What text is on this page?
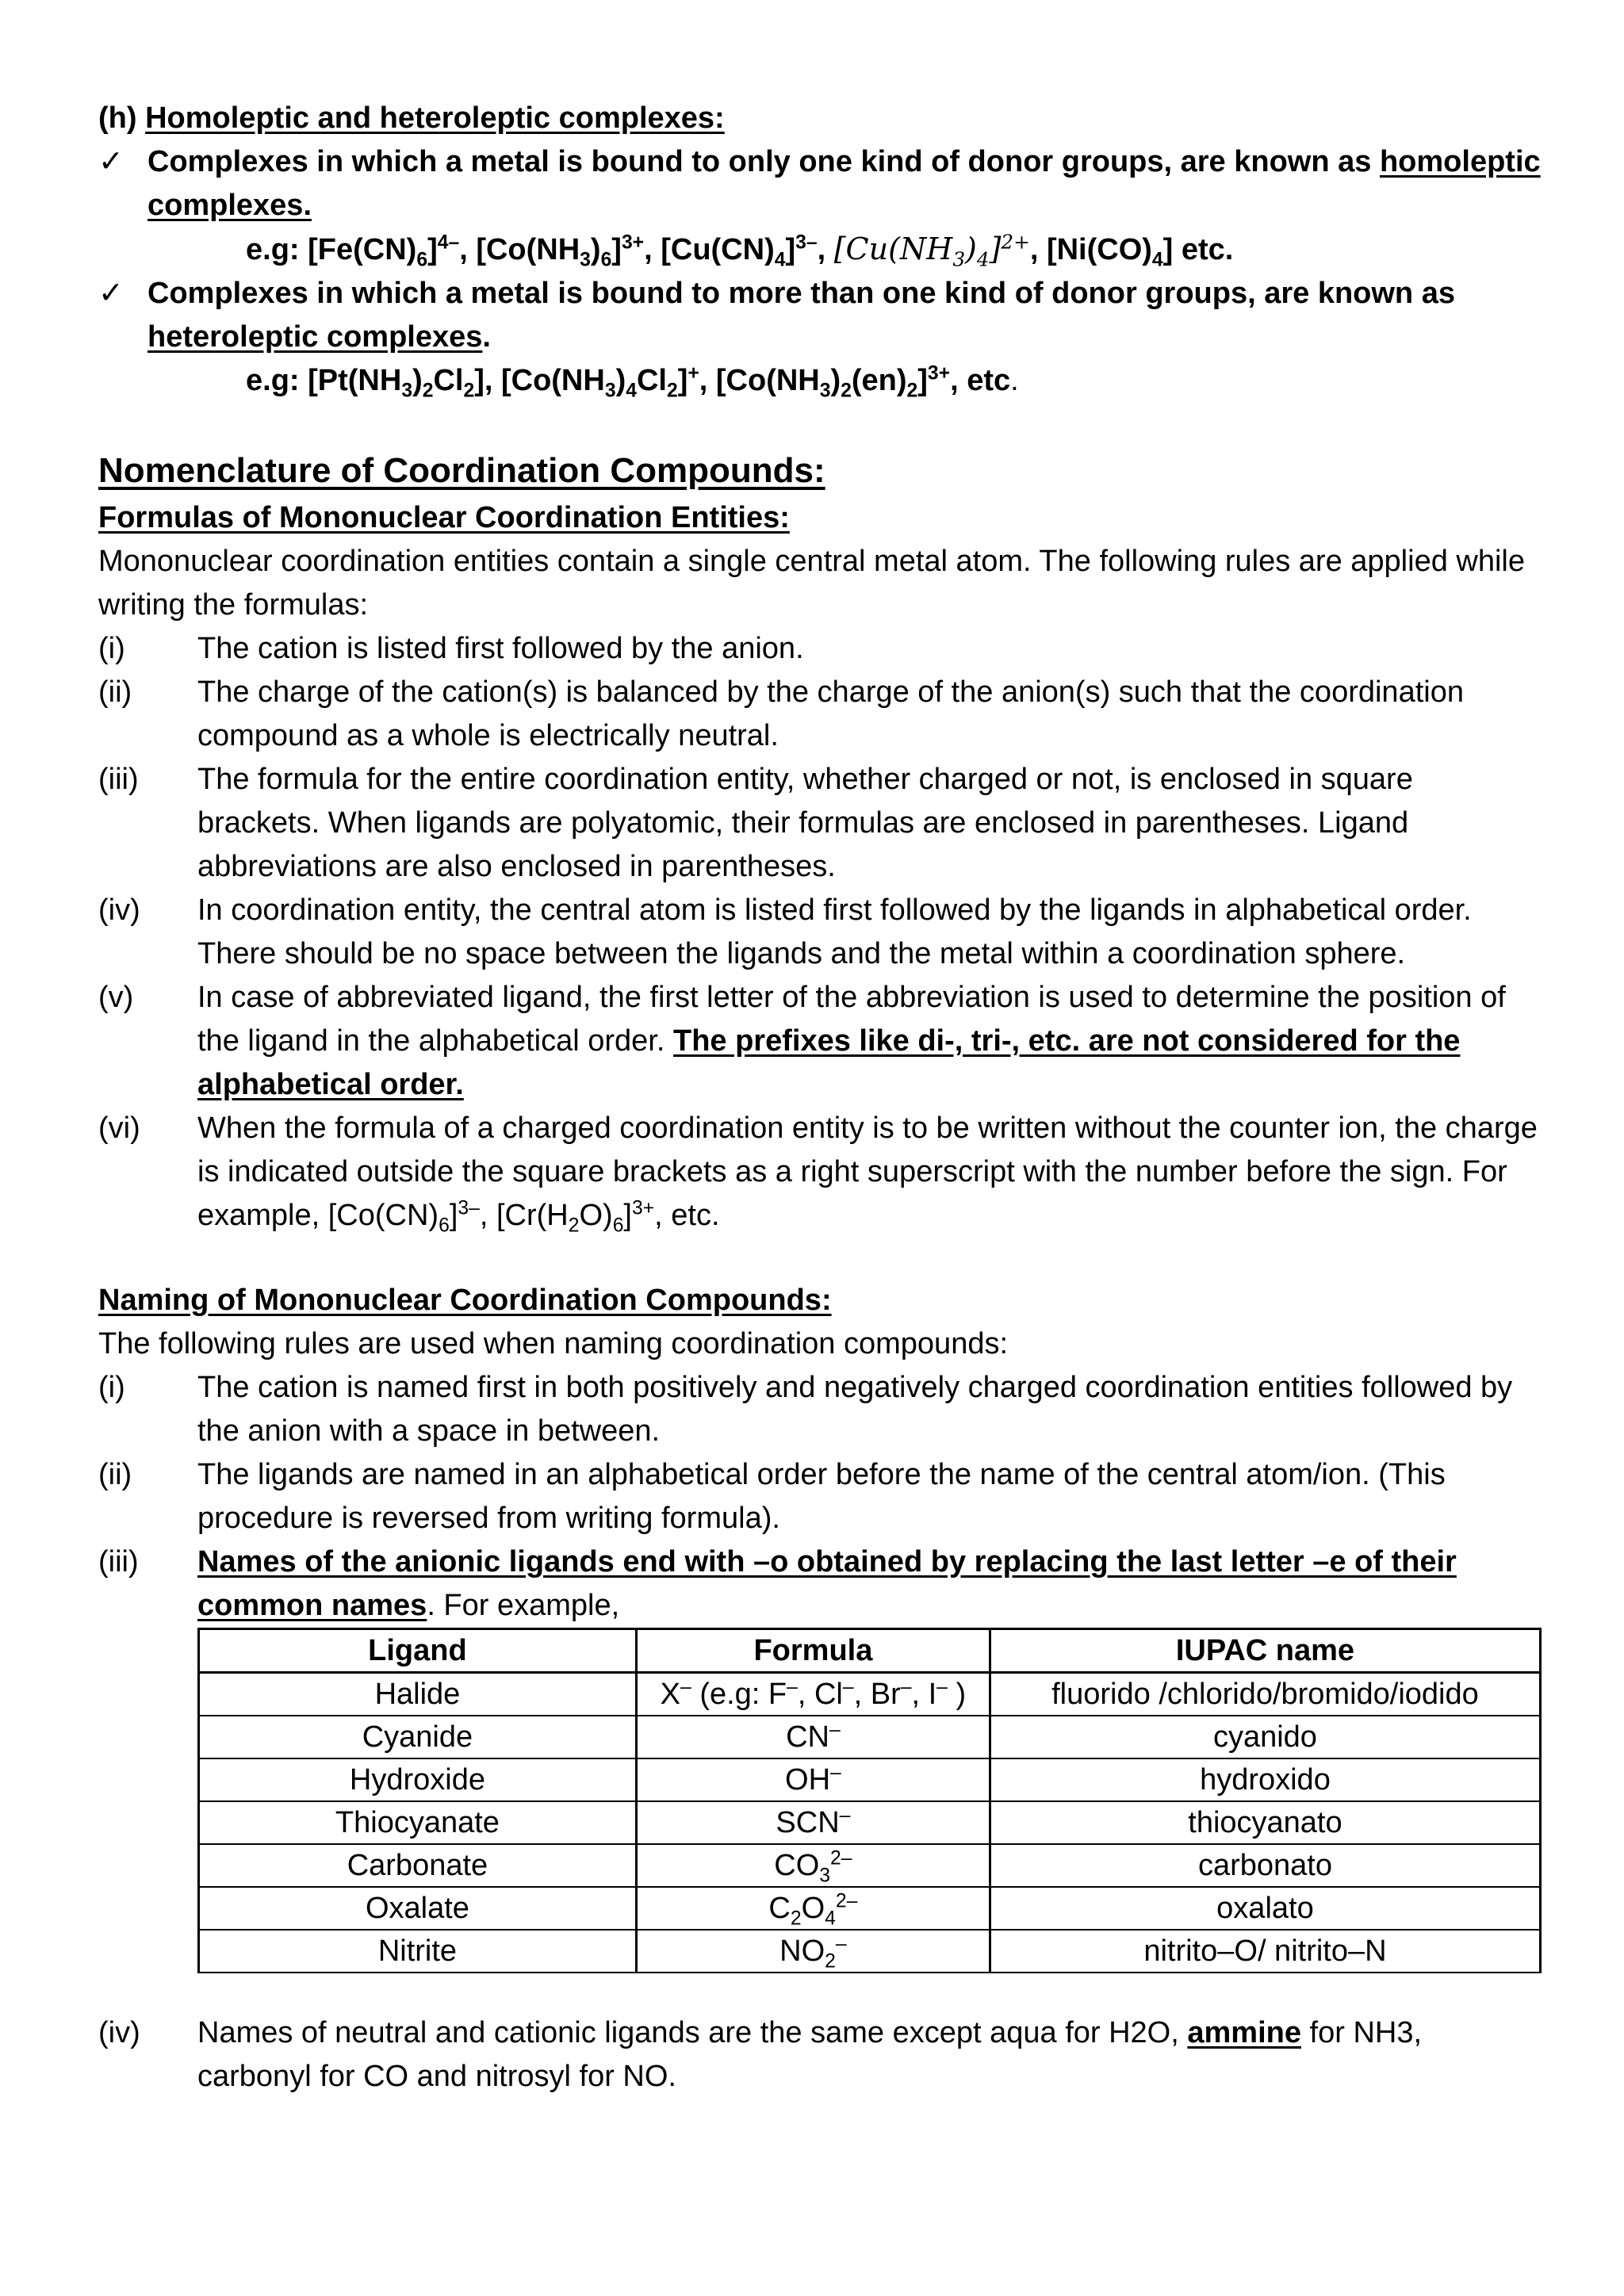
(h) Homoleptic and heteroleptic complexes:
✓ Complexes in which a metal is bound to only one kind of donor groups, are known as homoleptic complexes.
e.g: $[Fe(CN)_6]^{4-}$, $[Co(NH_3)_6]^{3+}$, $[Cu(CN)_4]^{3-}$, $[Cu(NH_3)_4]^{2+}$, $[Ni(CO)_4]$ etc.
✓ Complexes in which a metal is bound to more than one kind of donor groups, are known as heteroleptic complexes.
e.g: $[Pt(NH_3)_2Cl_2]$, $[Co(NH_3)_4Cl_2]^+$, $[Co(NH_3)_2(en)_2]^{3+}$, etc.
Nomenclature of Coordination Compounds:
Formulas of Mononuclear Coordination Entities:
Mononuclear coordination entities contain a single central metal atom. The following rules are applied while writing the formulas:
(i)	The cation is listed first followed by the anion.
(ii)	The charge of the cation(s) is balanced by the charge of the anion(s) such that the coordination compound as a whole is electrically neutral.
(iii)	The formula for the entire coordination entity, whether charged or not, is enclosed in square brackets. When ligands are polyatomic, their formulas are enclosed in parentheses. Ligand abbreviations are also enclosed in parentheses.
(iv)	In coordination entity, the central atom is listed first followed by the ligands in alphabetical order. There should be no space between the ligands and the metal within a coordination sphere.
(v)	In case of abbreviated ligand, the first letter of the abbreviation is used to determine the position of the ligand in the alphabetical order. The prefixes like di-, tri-, etc. are not considered for the alphabetical order.
(vi)	When the formula of a charged coordination entity is to be written without the counter ion, the charge is indicated outside the square brackets as a right superscript with the number before the sign. For example, $[Co(CN)_6]^{3-}$, $[Cr(H_2O)_6]^{3+}$, etc.
Naming of Mononuclear Coordination Compounds:
The following rules are used when naming coordination compounds:
(i)	The cation is named first in both positively and negatively charged coordination entities followed by the anion with a space in between.
(ii)	The ligands are named in an alphabetical order before the name of the central atom/ion. (This procedure is reversed from writing formula).
(iii)	Names of the anionic ligands end with –o obtained by replacing the last letter –e of their common names. For example,
Ligand	Formula	IUPAC name
Halide	X– (e.g: F–, Cl–, Br–, I– )	fluorido /chlorido/bromido/iodido
Cyanide	CN–	cyanido
Hydroxide	OH–	hydroxido
Thiocyanate	SCN–	thiocyanato
Carbonate	$CO_3^{2-}$	carbonato
Oxalate	$C_2O_4^{2-}$	oxalato
Nitrite	$NO_2^-$	nitrito–O/ nitrito–N
(iv)	Names of neutral and cationic ligands are the same except aqua for H2O, ammine for NH3, carbonyl for CO and nitrosyl for NO.
